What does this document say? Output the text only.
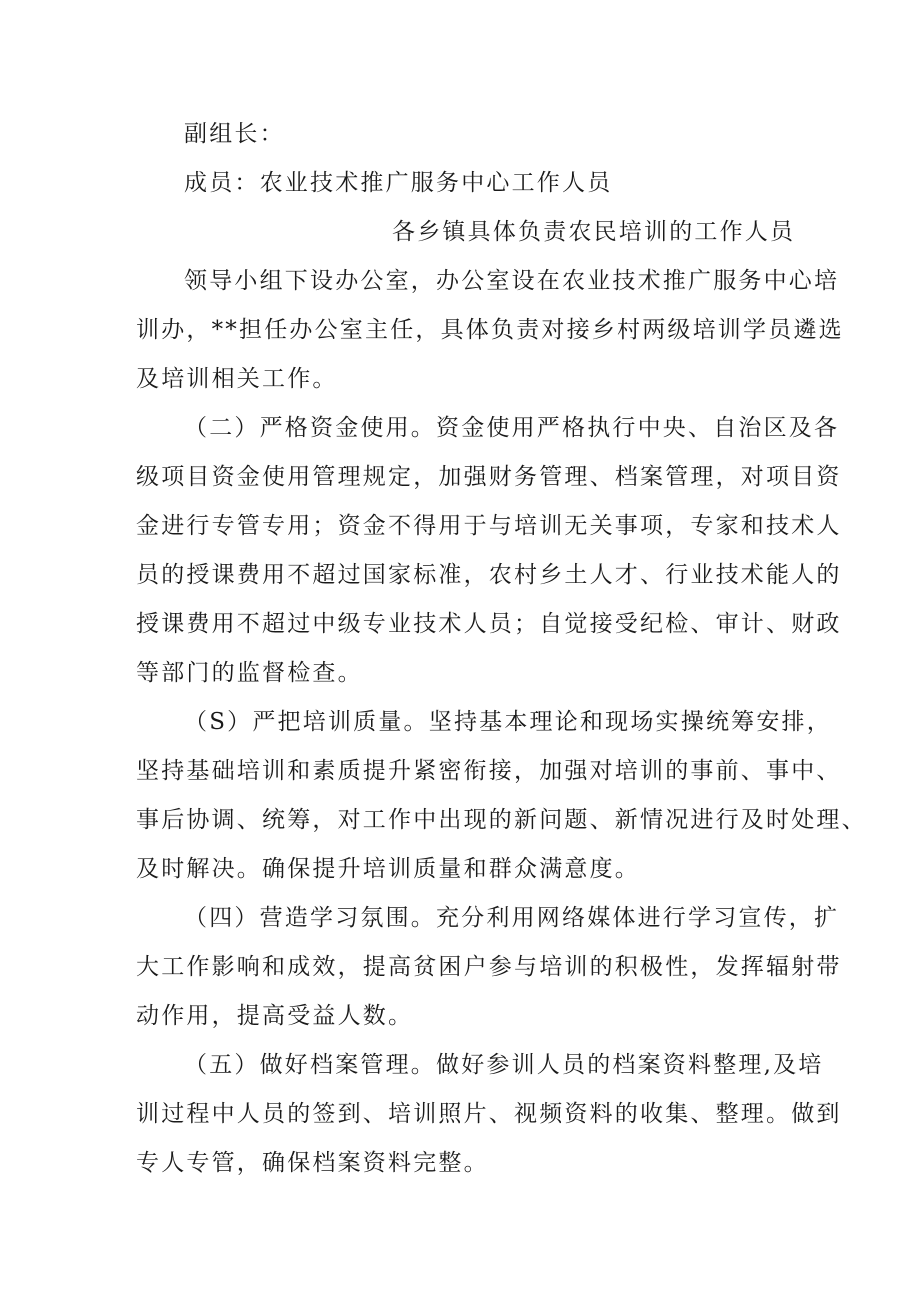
副组长：
成员：农业技术推广服务中心工作人员
各乡镇具体负责农民培训的工作人员
领导小组下设办公室，办公室设在农业技术推广服务中心培
训办，**担任办公室主任，具体负责对接乡村两级培训学员遴选
及培训相关工作。
（二）严格资金使用。资金使用严格执行中央、自治区及各
级项目资金使用管理规定，加强财务管理、档案管理，对项目资
金进行专管专用；资金不得用于与培训无关事项，专家和技术人
员的授课费用不超过国家标准，农村乡土人才、行业技术能人的
授课费用不超过中级专业技术人员；自觉接受纪检、审计、财政
等部门的监督检查。
（S）严把培训质量。坚持基本理论和现场实操统筹安排，
坚持基础培训和素质提升紧密衔接，加强对培训的事前、事中、
事后协调、统筹，对工作中出现的新问题、新情况进行及时处理、
及时解决。确保提升培训质量和群众满意度。
（四）营造学习氛围。充分利用网络媒体进行学习宣传，扩
大工作影响和成效，提高贫困户参与培训的积极性，发挥辐射带
动作用，提高受益人数。
（五）做好档案管理。做好参训人员的档案资料整理,及培
训过程中人员的签到、培训照片、视频资料的收集、整理。做到
专人专管，确保档案资料完整。
